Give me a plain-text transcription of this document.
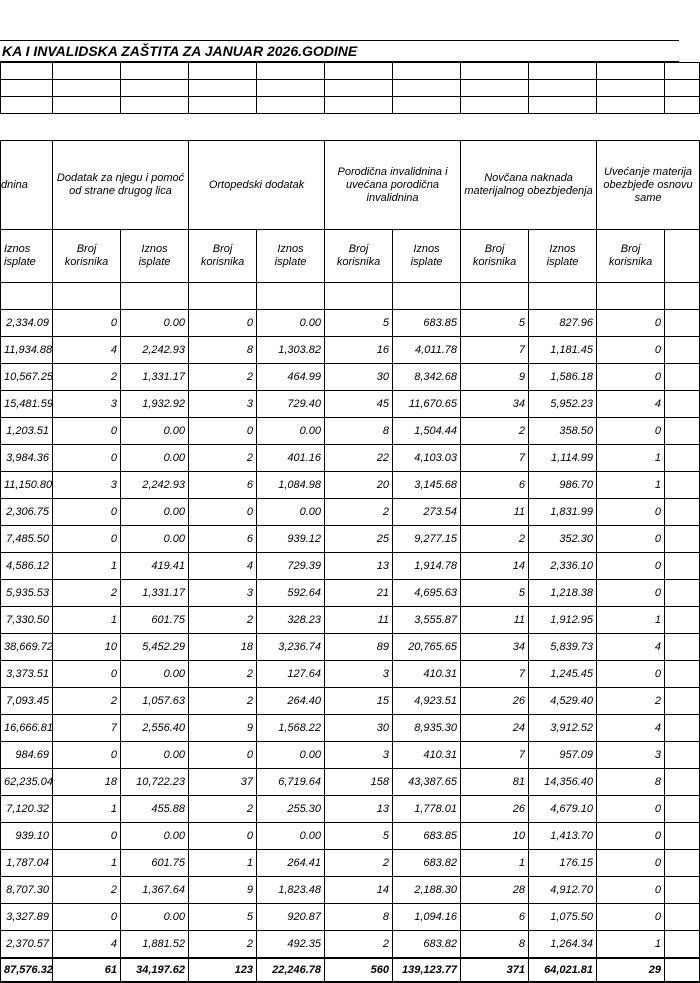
KA I INVALIDSKA ZAŠTITA ZA JANUAR 2026.GODINE

dnina	Dodatak za njegu i pomoć od strane drugog lica		Ortopedski dodatak		Porodična invalidnina i uvećana porodična invalidnina		Novčana naknada materijalnog obezbjeđenja		Uvećanje materija obezbjeđe osnovu same	
Iznos isplate	Broj korisnika	Iznos isplate	Broj korisnika	Iznos isplate	Broj korisnika	Iznos isplate	Broj korisnika	Iznos isplate	Broj korisnika	

2,334.09	0	0.00	0	0.00	5	683.85	5	827.96	0	
11,934.88	4	2,242.93	8	1,303.82	16	4,011.78	7	1,181.45	0	
10,567.25	2	1,331.17	2	464.99	30	8,342.68	9	1,586.18	0	
15,481.59	3	1,932.92	3	729.40	45	11,670.65	34	5,952.23	4	
1,203.51	0	0.00	0	0.00	8	1,504.44	2	358.50	0	
3,984.36	0	0.00	2	401.16	22	4,103.03	7	1,114.99	1	
11,150.80	3	2,242.93	6	1,084.98	20	3,145.68	6	986.70	1	
2,306.75	0	0.00	0	0.00	2	273.54	11	1,831.99	0	
7,485.50	0	0.00	6	939.12	25	9,277.15	2	352.30	0	
4,586.12	1	419.41	4	729.39	13	1,914.78	14	2,336.10	0	
5,935.53	2	1,331.17	3	592.64	21	4,695.63	5	1,218.38	0	
7,330.50	1	601.75	2	328.23	11	3,555.87	11	1,912.95	1	
38,669.72	10	5,452.29	18	3,236.74	89	20,765.65	34	5,839.73	4	
3,373.51	0	0.00	2	127.64	3	410.31	7	1,245.45	0	
7,093.45	2	1,057.63	2	264.40	15	4,923.51	26	4,529.40	2	
16,666.81	7	2,556.40	9	1,568.22	30	8,935.30	24	3,912.52	4	
984.69	0	0.00	0	0.00	3	410.31	7	957.09	3	
62,235.04	18	10,722.23	37	6,719.64	158	43,387.65	81	14,356.40	8	
7,120.32	1	455.88	2	255.30	13	1,778.01	26	4,679.10	0	
939.10	0	0.00	0	0.00	5	683.85	10	1,413.70	0	
1,787.04	1	601.75	1	264.41	2	683.82	1	176.15	0	
8,707.30	2	1,367.64	9	1,823.48	14	2,188.30	28	4,912.70	0	
3,327.89	0	0.00	5	920.87	8	1,094.16	6	1,075.50	0	
2,370.57	4	1,881.52	2	492.35	2	683.82	8	1,264.34	1	
87,576.32	61	34,197.62	123	22,246.78	560	139,123.77	371	64,021.81	29	
